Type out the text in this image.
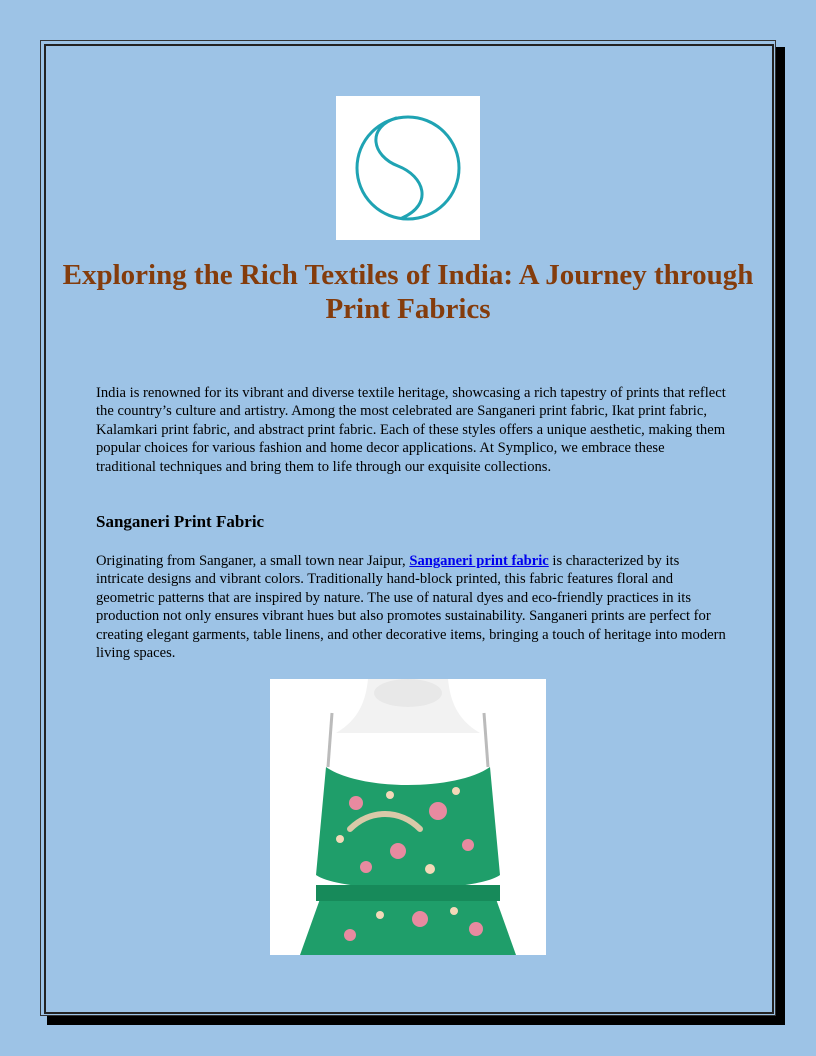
Exploring the Rich Textiles of India: A Journey through Print Fabrics

India is renowned for its vibrant and diverse textile heritage, showcasing a rich tapestry of prints that reflect the country’s culture and artistry. Among the most celebrated are Sanganeri print fabric, Ikat print fabric, Kalamkari print fabric, and abstract print fabric. Each of these styles offers a unique aesthetic, making them popular choices for various fashion and home decor applications. At Symplico, we embrace these traditional techniques and bring them to life through our exquisite collections.

Sanganeri Print Fabric

Originating from Sanganer, a small town near Jaipur, Sanganeri print fabric is characterized by its intricate designs and vibrant colors. Traditionally hand-block printed, this fabric features floral and geometric patterns that are inspired by nature. The use of natural dyes and eco-friendly practices in its production not only ensures vibrant hues but also promotes sustainability. Sanganeri prints are perfect for creating elegant garments, table linens, and other decorative items, bringing a touch of heritage into modern living spaces.
